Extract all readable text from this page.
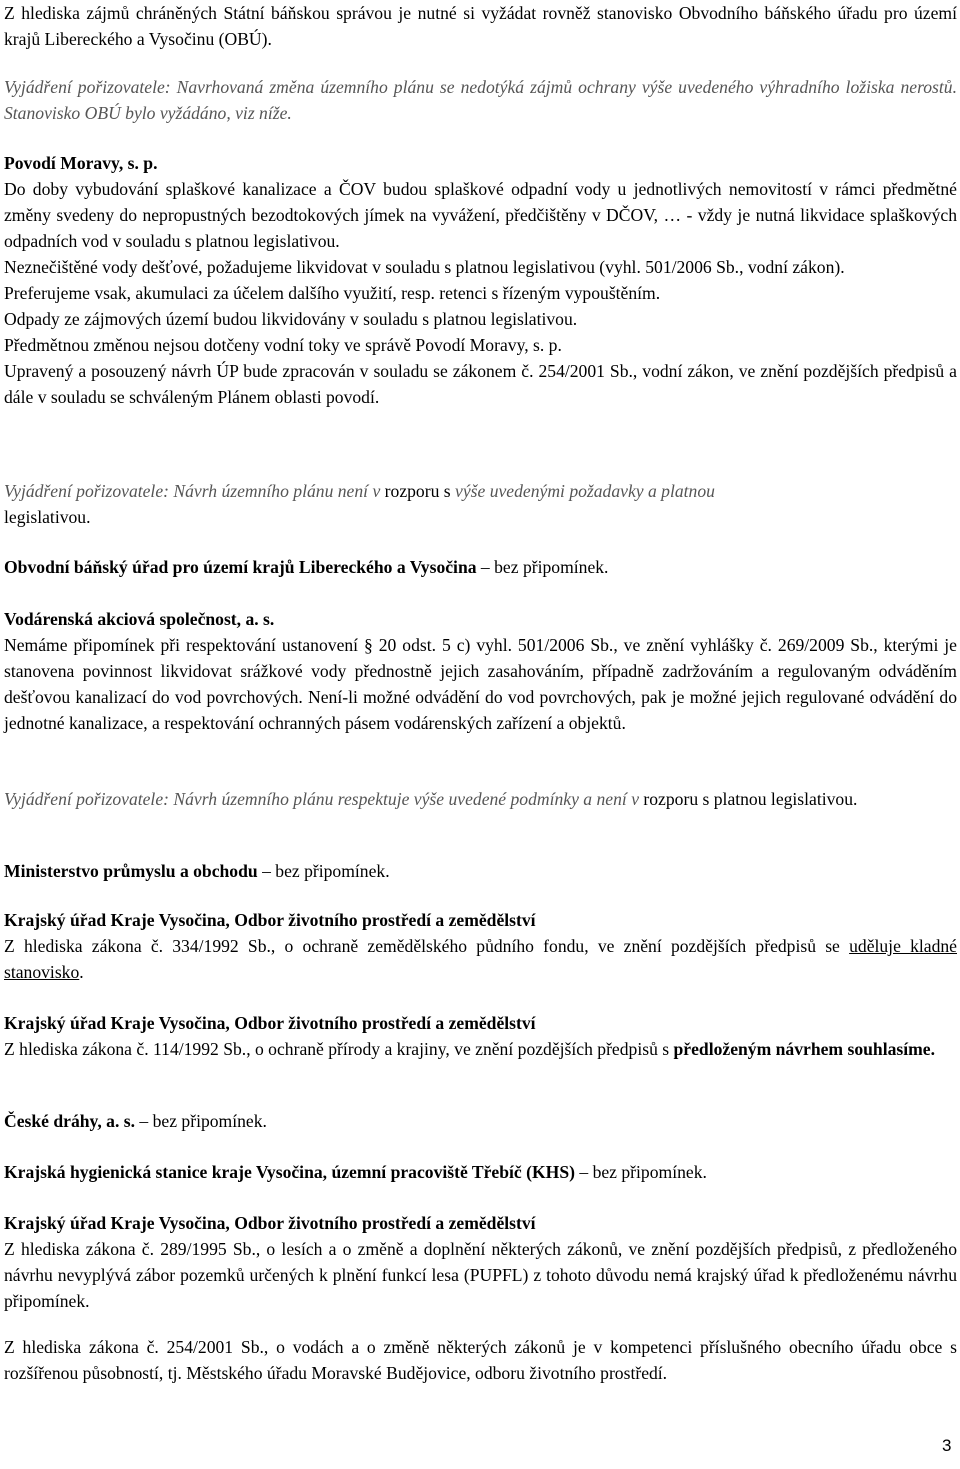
Z hlediska zájmů chráněných Státní báňskou správou je nutné si vyžádat rovněž stanovisko Obvodního báňského úřadu pro území krajů Libereckého a Vysočinu (OBÚ).

Vyjádření pořizovatele: Navrhovaná změna územního plánu se nedotýká zájmů ochrany výše uvedeného výhradního ložiska nerostů. Stanovisko OBÚ bylo vyžádáno, viz níže.

Povodí Moravy, s. p.

Do doby vybudování splaškové kanalizace a ČOV budou splaškové odpadní vody u jednotlivých nemovitostí v rámci předmětné změny svedeny do nepropustných bezodtokových jímek na vyvážení, předčištěny v DČOV, … - vždy je nutná likvidace splaškových odpadních vod v souladu s platnou legislativou.

Neznečištěné vody dešťové, požadujeme likvidovat v souladu s platnou legislativou (vyhl. 501/2006 Sb., vodní zákon).

Preferujeme vsak, akumulaci za účelem dalšího využití, resp. retenci s řízeným vypouštěním.

Odpady ze zájmových území budou likvidovány v souladu s platnou legislativou.

Předmětnou změnou nejsou dotčeny vodní toky ve správě Povodí Moravy, s. p.

Upravený a posouzený návrh ÚP bude zpracován v souladu se zákonem č. 254/2001 Sb., vodní zákon, ve znění pozdějších předpisů a dále v souladu se schváleným Plánem oblasti povodí.

Vyjádření pořizovatele: Návrh územního plánu není v rozporu s výše uvedenými požadavky a platnou

legislativou.

Obvodní báňský úřad pro území krajů Libereckého a Vysočina – bez připomínek.

Vodárenská akciová společnost, a. s.

Nemáme připomínek při respektování ustanovení § 20 odst. 5 c) vyhl. 501/2006 Sb., ve znění vyhlášky č. 269/2009 Sb., kterými je stanovena povinnost likvidovat srážkové vody přednostně jejich zasahováním, případně zadržováním a regulovaným odváděním dešťovou kanalizací do vod povrchových. Není-li možné odvádění do vod povrchových, pak je možné jejich regulované odvádění do jednotné kanalizace, a respektování ochranných pásem vodárenských zařízení a objektů.

Vyjádření pořizovatele: Návrh územního plánu respektuje výše uvedené podmínky a není v rozporu s platnou legislativou.

Ministerstvo průmyslu a obchodu – bez připomínek.

Krajský úřad Kraje Vysočina, Odbor životního prostředí a zemědělství

Z hlediska zákona č. 334/1992 Sb., o ochraně zemědělského půdního fondu, ve znění pozdějších předpisů se uděluje kladné stanovisko.

Krajský úřad Kraje Vysočina, Odbor životního prostředí a zemědělství

Z hlediska zákona č. 114/1992 Sb., o ochraně přírody a krajiny, ve znění pozdějších předpisů s předloženým návrhem souhlasíme.

České dráhy, a. s. – bez připomínek.

Krajská hygienická stanice kraje Vysočina, územní pracoviště Třebíč (KHS) – bez připomínek.

Krajský úřad Kraje Vysočina, Odbor životního prostředí a zemědělství

Z hlediska zákona č. 289/1995 Sb., o lesích a o změně a doplnění některých zákonů, ve znění pozdějších předpisů, z předloženého návrhu nevyplývá zábor pozemků určených k plnění funkcí lesa (PUPFL) z tohoto důvodu nemá krajský úřad k předloženému návrhu připomínek.

Z hlediska zákona č. 254/2001 Sb., o vodách a o změně některých zákonů je v kompetenci příslušného obecního úřadu obce s rozšířenou působností, tj. Městského úřadu Moravské Budějovice, odboru životního prostředí.

3
